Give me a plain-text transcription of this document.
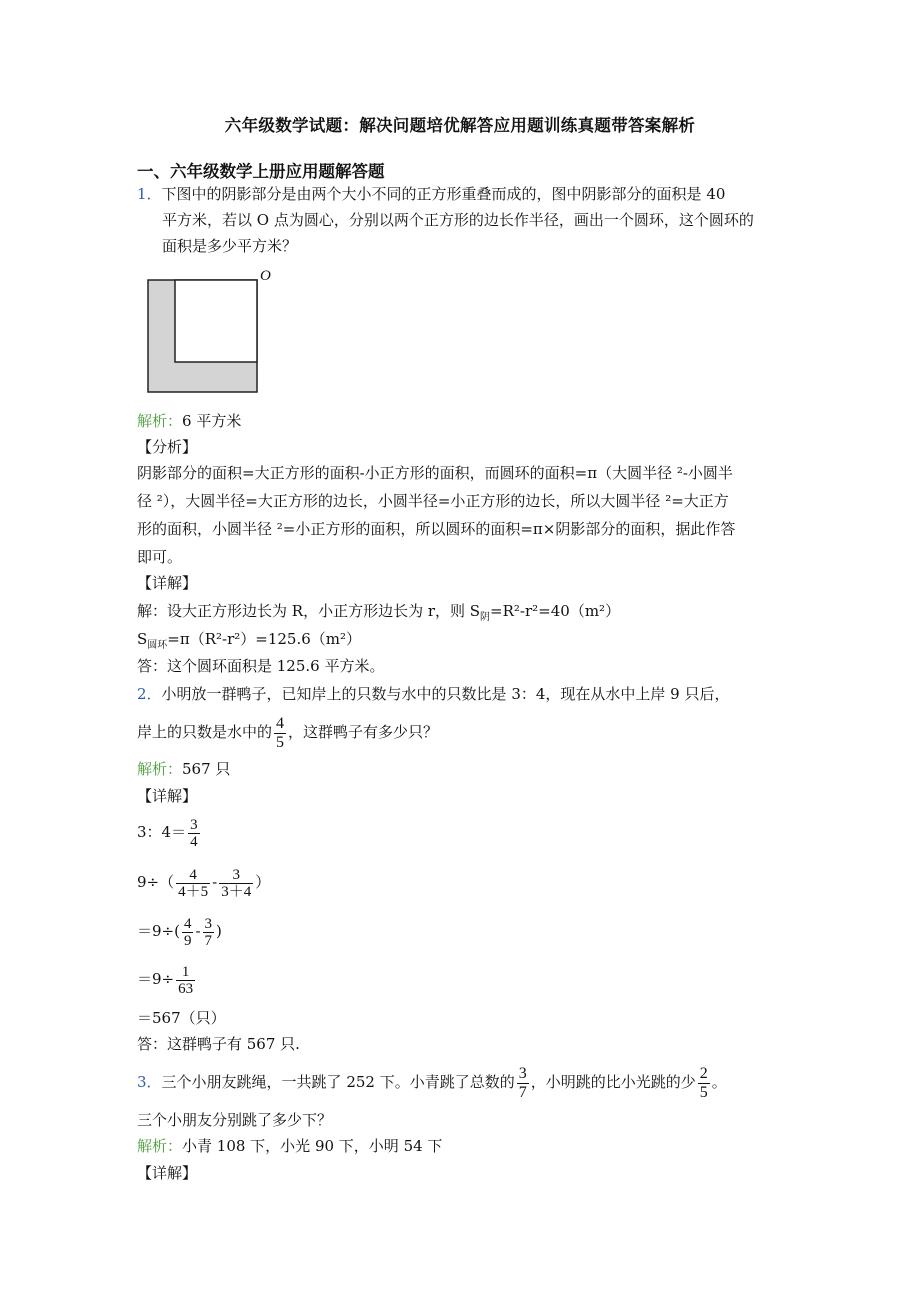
六年级数学试题：解决问题培优解答应用题训练真题带答案解析
一、六年级数学上册应用题解答题
1．下图中的阴影部分是由两个大小不同的正方形重叠而成的，图中阴影部分的面积是 40
平方米，若以 O 点为圆心，分别以两个正方形的边长作半径，画出一个圆环，这个圆环的
面积是多少平方米？
O
解析：6 平方米
【分析】
阴影部分的面积=大正方形的面积-小正方形的面积，而圆环的面积=π（大圆半径 ²-小圆半
径 ²），大圆半径=大正方形的边长，小圆半径=小正方形的边长，所以大圆半径 ²=大正方
形的面积，小圆半径 ²=小正方形的面积，所以圆环的面积=π×阴影部分的面积，据此作答
即可。
【详解】
解：设大正方形边长为 R，小正方形边长为 r，则 $S_阴=R^2-r^2=40(m^2)$
$S_{圆环}=\pi(R^2-r^2)=125.6(m^2)$
答：这个圆环面积是 125.6 平方米。
2．小明放一群鸭子，已知岸上的只数与水中的只数比是 3：4，现在从水中上岸 9 只后，
岸上的只数是水中的 $\frac{4}{5}$ ，这群鸭子有多少只？
解析：567 只
【详解】
3：$4= \frac{3}{4}$
$9\div( \frac{4}{4+5} - \frac{3}{3+4}$ ）
$=9\div( \frac{4}{9} - \frac{3}{7}$ )
$=9\div \frac{1}{63}$
＝567（只）
答：这群鸭子有 567 只.
3．三个小朋友跳绳，一共跳了 252 下。小青跳了总数的 $\frac{3}{7}$ ，小明跳的比小光跳的少 $\frac{2}{5}$ 。
三个小朋友分别跳了多少下？
解析：小青 108 下，小光 90 下，小明 54 下
【详解】
